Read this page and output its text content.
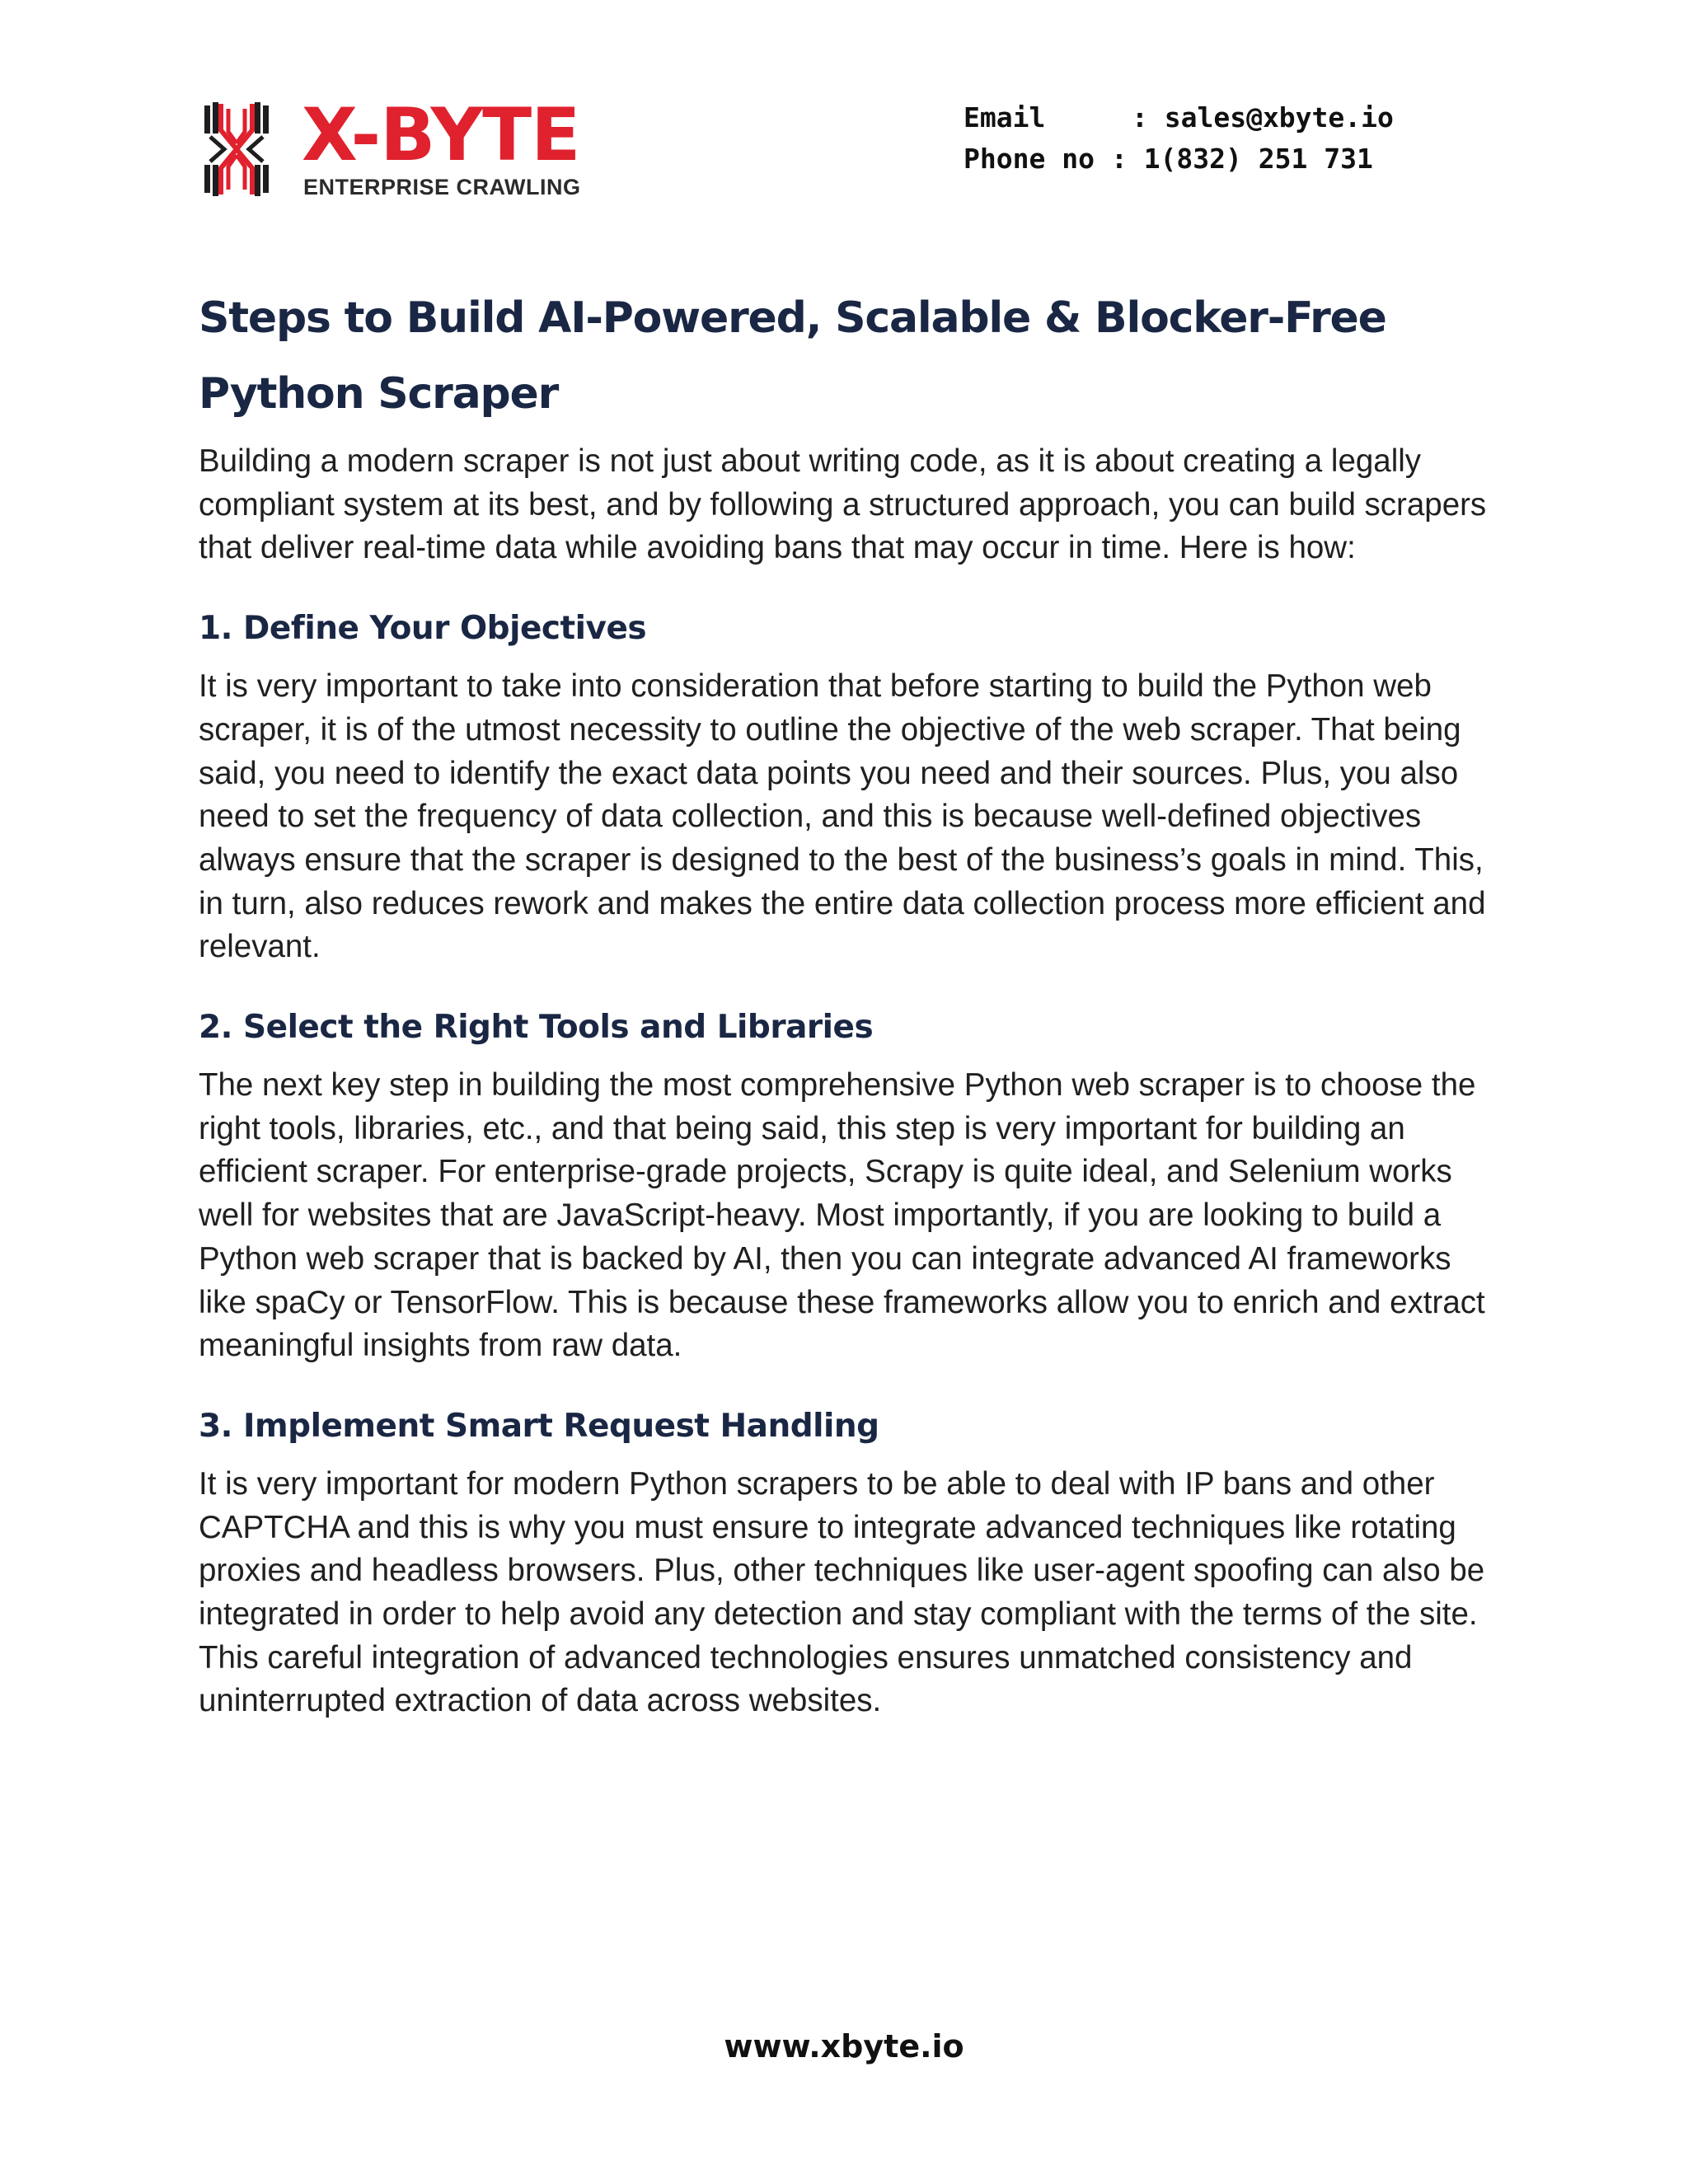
X-BYTE
ENTERPRISE CRAWLING
Email	: sales@xbyte.io
Phone no : 1(832) 251 731
Steps to Build AI-Powered, Scalable & Blocker-Free Python Scraper

Building a modern scraper is not just about writing code, as it is about creating a legally compliant system at its best, and by following a structured approach, you can build scrapers that deliver real-time data while avoiding bans that may occur in time. Here is how:

1. Define Your Objectives

It is very important to take into consideration that before starting to build the Python web scraper, it is of the utmost necessity to outline the objective of the web scraper. That being said, you need to identify the exact data points you need and their sources. Plus, you also need to set the frequency of data collection, and this is because well-defined objectives always ensure that the scraper is designed to the best of the business’s goals in mind. This, in turn, also reduces rework and makes the entire data collection process more efficient and relevant.

2. Select the Right Tools and Libraries

The next key step in building the most comprehensive Python web scraper is to choose the right tools, libraries, etc., and that being said, this step is very important for building an efficient scraper. For enterprise-grade projects, Scrapy is quite ideal, and Selenium works well for websites that are JavaScript-heavy. Most importantly, if you are looking to build a Python web scraper that is backed by AI, then you can integrate advanced AI frameworks like spaCy or TensorFlow. This is because these frameworks allow you to enrich and extract meaningful insights from raw data.

3. Implement Smart Request Handling

It is very important for modern Python scrapers to be able to deal with IP bans and other CAPTCHA and this is why you must ensure to integrate advanced techniques like rotating proxies and headless browsers. Plus, other techniques like user-agent spoofing can also be integrated in order to help avoid any detection and stay compliant with the terms of the site. This careful integration of advanced technologies ensures unmatched consistency and uninterrupted extraction of data across websites.

www.xbyte.io
